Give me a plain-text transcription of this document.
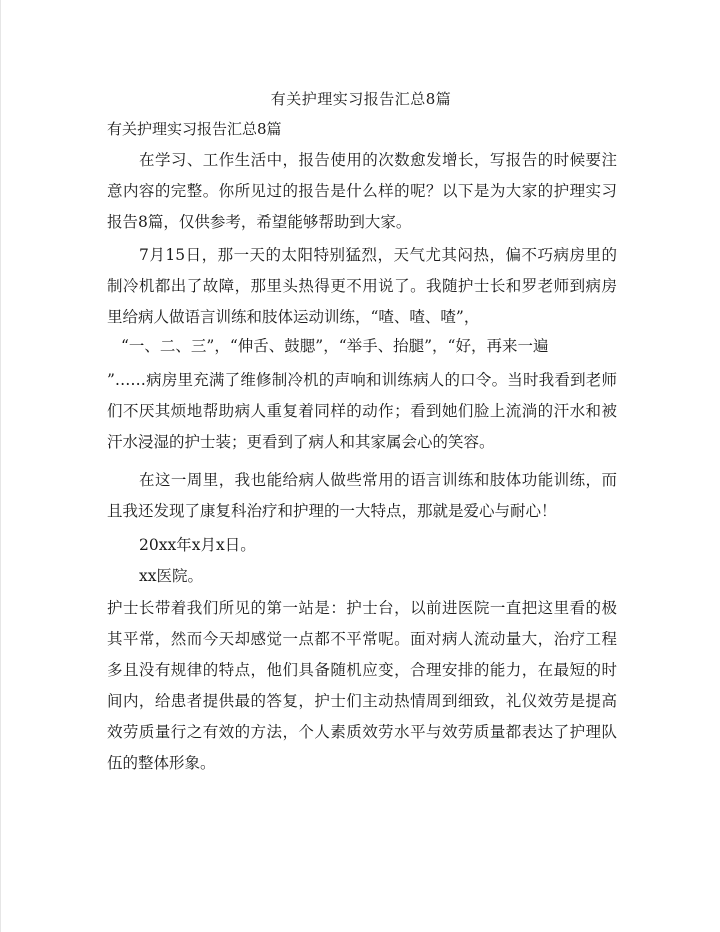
有关护理实习报告汇总8篇
有关护理实习报告汇总8篇

在学习、工作生活中，报告使用的次数愈发增长，写报告的时候要注意内容的完整。你所见过的报告是什么样的呢？以下是为大家的护理实习报告8篇，仅供参考，希望能够帮助到大家。

7月15日，那一天的太阳特别猛烈，天气尤其闷热，偏不巧病房里的制冷机都出了故障，那里头热得更不用说了。我随护士长和罗老师到病房里给病人做语言训练和肢体运动训练，“喳、喳、喳”，

“一、二、三”，“伸舌、鼓腮”，“举手、抬腿”，“好，再来一遍

”……病房里充满了维修制冷机的声响和训练病人的口令。当时我看到老师们不厌其烦地帮助病人重复着同样的动作；看到她们脸上流淌的汗水和被汗水浸湿的护士装；更看到了病人和其家属会心的笑容。

在这一周里，我也能给病人做些常用的语言训练和肢体功能训练，而且我还发现了康复科治疗和护理的一大特点，那就是爱心与耐心！

20xx年x月x日。

xx医院。

护士长带着我们所见的第一站是：护士台，以前进医院一直把这里看的极其平常，然而今天却感觉一点都不平常呢。面对病人流动量大，治疗工程多且没有规律的特点，他们具备随机应变，合理安排的能力，在最短的时间内，给患者提供最的答复，护士们主动热情周到细致，礼仪效劳是提高效劳质量行之有效的方法，个人素质效劳水平与效劳质量都表达了护理队伍的整体形象。
